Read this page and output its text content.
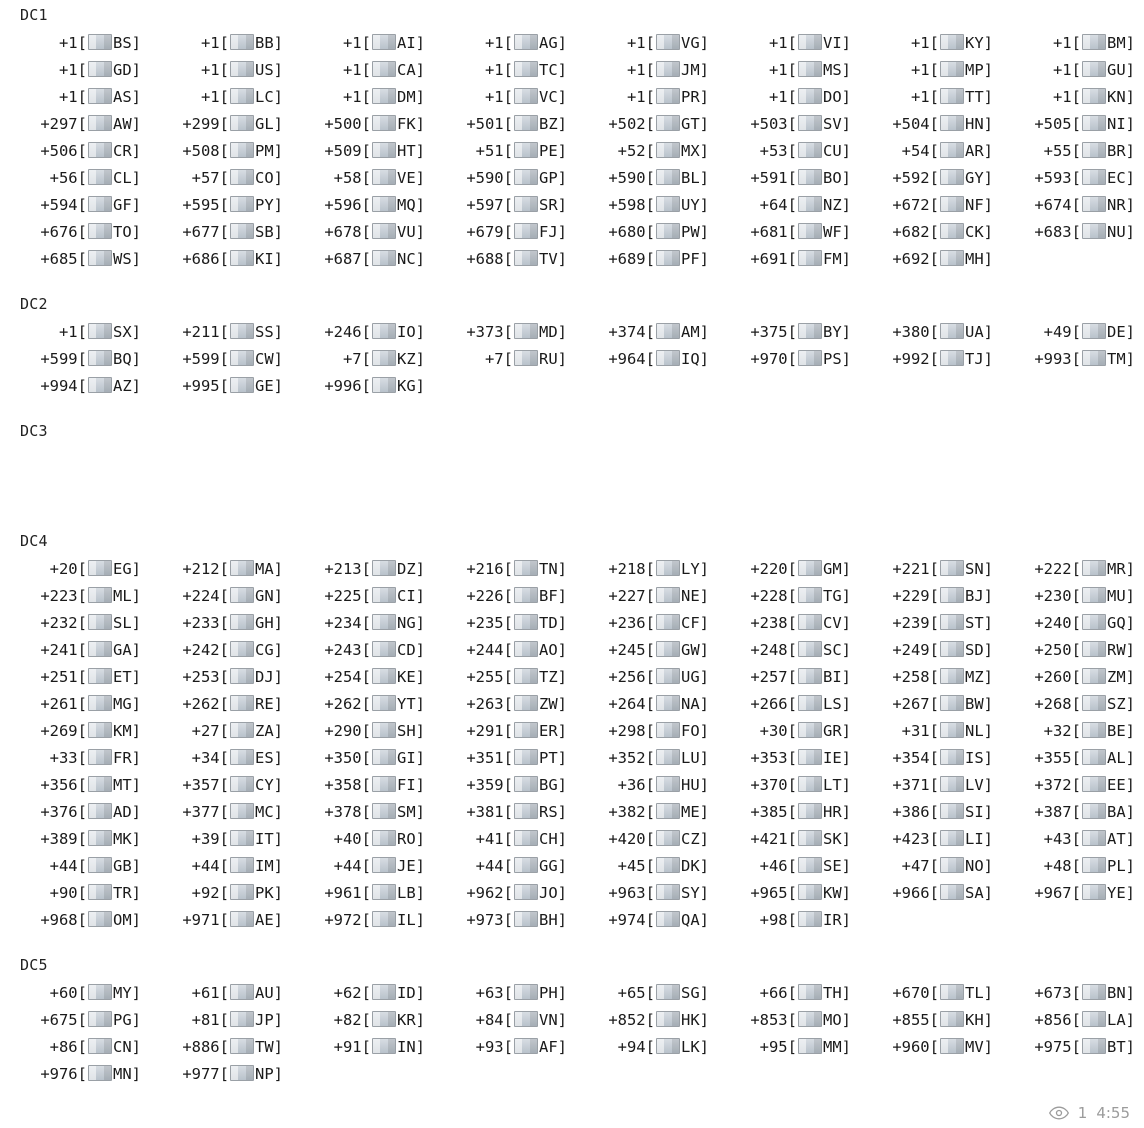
DC1
+1[ BS]	+1[ BB]	+1[ AI]	+1[ AG]	+1[ VG]	+1[ VI]	+1[ KY]	+1[ BM]
+1[ GD]	+1[ US]	+1[ CA]	+1[ TC]	+1[ JM]	+1[ MS]	+1[ MP]	+1[ GU]
+1[ AS]	+1[ LC]	+1[ DM]	+1[ VC]	+1[ PR]	+1[ DO]	+1[ TT]	+1[ KN]
+297[ AW]	+299[ GL]	+500[ FK]	+501[ BZ]	+502[ GT]	+503[ SV]	+504[ HN]	+505[ NI]
+506[ CR]	+508[ PM]	+509[ HT]	+51[ PE]	+52[ MX]	+53[ CU]	+54[ AR]	+55[ BR]
+56[ CL]	+57[ CO]	+58[ VE]	+590[ GP]	+590[ BL]	+591[ BO]	+592[ GY]	+593[ EC]
+594[ GF]	+595[ PY]	+596[ MQ]	+597[ SR]	+598[ UY]	+64[ NZ]	+672[ NF]	+674[ NR]
+676[ TO]	+677[ SB]	+678[ VU]	+679[ FJ]	+680[ PW]	+681[ WF]	+682[ CK]	+683[ NU]
+685[ WS]	+686[ KI]	+687[ NC]	+688[ TV]	+689[ PF]	+691[ FM]	+692[ MH]
DC2
+1[ SX]	+211[ SS]	+246[ IO]	+373[ MD]	+374[ AM]	+375[ BY]	+380[ UA]	+49[ DE]
+599[ BQ]	+599[ CW]	+7[ KZ]	+7[ RU]	+964[ IQ]	+970[ PS]	+992[ TJ]	+993[ TM]
+994[ AZ]	+995[ GE]	+996[ KG]
DC3
DC4
+20[ EG]	+212[ MA]	+213[ DZ]	+216[ TN]	+218[ LY]	+220[ GM]	+221[ SN]	+222[ MR]
+223[ ML]	+224[ GN]	+225[ CI]	+226[ BF]	+227[ NE]	+228[ TG]	+229[ BJ]	+230[ MU]
+232[ SL]	+233[ GH]	+234[ NG]	+235[ TD]	+236[ CF]	+238[ CV]	+239[ ST]	+240[ GQ]
+241[ GA]	+242[ CG]	+243[ CD]	+244[ AO]	+245[ GW]	+248[ SC]	+249[ SD]	+250[ RW]
+251[ ET]	+253[ DJ]	+254[ KE]	+255[ TZ]	+256[ UG]	+257[ BI]	+258[ MZ]	+260[ ZM]
+261[ MG]	+262[ RE]	+262[ YT]	+263[ ZW]	+264[ NA]	+266[ LS]	+267[ BW]	+268[ SZ]
+269[ KM]	+27[ ZA]	+290[ SH]	+291[ ER]	+298[ FO]	+30[ GR]	+31[ NL]	+32[ BE]
+33[ FR]	+34[ ES]	+350[ GI]	+351[ PT]	+352[ LU]	+353[ IE]	+354[ IS]	+355[ AL]
+356[ MT]	+357[ CY]	+358[ FI]	+359[ BG]	+36[ HU]	+370[ LT]	+371[ LV]	+372[ EE]
+376[ AD]	+377[ MC]	+378[ SM]	+381[ RS]	+382[ ME]	+385[ HR]	+386[ SI]	+387[ BA]
+389[ MK]	+39[ IT]	+40[ RO]	+41[ CH]	+420[ CZ]	+421[ SK]	+423[ LI]	+43[ AT]
+44[ GB]	+44[ IM]	+44[ JE]	+44[ GG]	+45[ DK]	+46[ SE]	+47[ NO]	+48[ PL]
+90[ TR]	+92[ PK]	+961[ LB]	+962[ JO]	+963[ SY]	+965[ KW]	+966[ SA]	+967[ YE]
+968[ OM]	+971[ AE]	+972[ IL]	+973[ BH]	+974[ QA]	+98[ IR]
DC5
+60[ MY]	+61[ AU]	+62[ ID]	+63[ PH]	+65[ SG]	+66[ TH]	+670[ TL]	+673[ BN]
+675[ PG]	+81[ JP]	+82[ KR]	+84[ VN]	+852[ HK]	+853[ MO]	+855[ KH]	+856[ LA]
+86[ CN]	+886[ TW]	+91[ IN]	+93[ AF]	+94[ LK]	+95[ MM]	+960[ MV]	+975[ BT]
+976[ MN]	+977[ NP]
1 4:55
